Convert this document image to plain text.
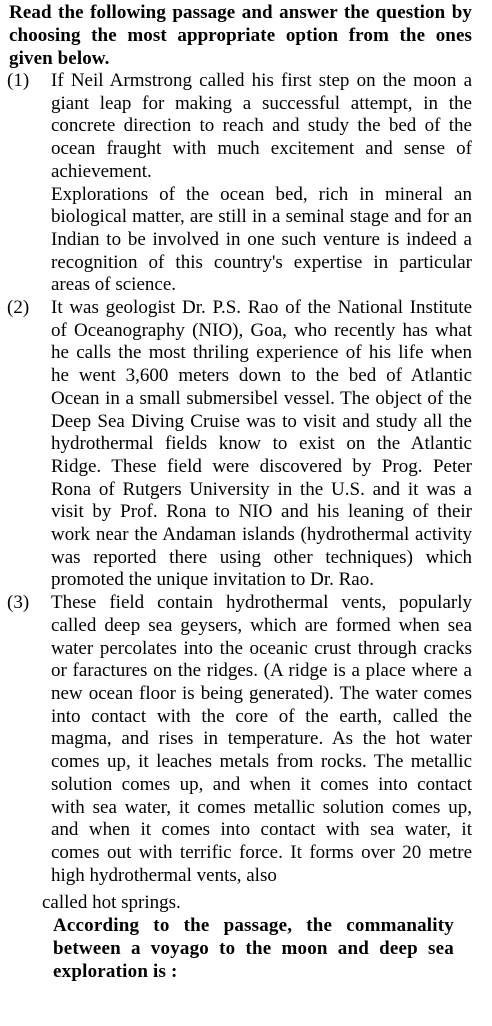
Read the following passage and answer the question by choosing the most appropriate option from the ones given below.
(1) If Neil Armstrong called his first step on the moon a giant leap for making a successful attempt, in the concrete direction to reach and study the bed of the ocean fraught with much excitement and sense of achievement.

Explorations of the ocean bed, rich in mineral an biological matter, are still in a seminal stage and for an Indian to be involved in one such venture is indeed a recognition of this country's expertise in particular areas of science.

(2) It was geologist Dr. P.S. Rao of the National Institute of Oceanography (NIO), Goa, who recently has what he calls the most thriling experience of his life when he went 3,600 meters down to the bed of Atlantic Ocean in a small submersibel vessel. The object of the Deep Sea Diving Cruise was to visit and study all the hydrothermal fields know to exist on the Atlantic Ridge. These field were discovered by Prog. Peter Rona of Rutgers University in the U.S. and it was a visit by Prof. Rona to NIO and his leaning of their work near the Andaman islands (hydrothermal activity was reported there using other techniques) which promoted the unique invitation to Dr. Rao.

(3) These field contain hydrothermal vents, popularly called deep sea geysers, which are formed when sea water percolates into the oceanic crust through cracks or faractures on the ridges. (A ridge is a place where a new ocean floor is being generated). The water comes into contact with the core of the earth, called the magma, and rises in temperature. As the hot water comes up, it leaches metals from rocks. The metallic solution comes up, and when it comes into contact with sea water, it comes metallic solution comes up, and when it comes into contact with sea water, it comes out with terrific force. It forms over 20 metre high hydrothermal vents, also

called hot springs.
According to the passage, the commanality between a voyago to the moon and deep sea exploration is :
